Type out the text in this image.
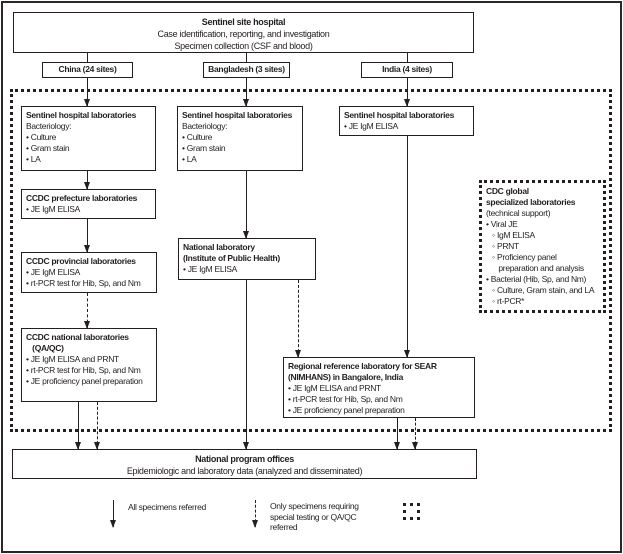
Sentinel site hospital
Case identification, reporting, and investigation
Specimen collection (CSF and blood)
China (24 sites)	Bangladesh (3 sites)	India (4 sites)
Sentinel hospital laboratories
Bacteriology:
• Culture
• Gram stain
• LA
CCDC prefecture laboratories
• JE IgM ELISA
CCDC provincial laboratories
• JE IgM ELISA
• rt-PCR test for Hib, Sp, and Nm
CCDC national laboratories
(QA/QC)
• JE IgM ELISA and PRNT
• rt-PCR test for Hib, Sp, and Nm
• JE proficiency panel preparation
Sentinel hospital laboratories
Bacteriology:
• Culture
• Gram stain
• LA
National laboratory
(Institute of Public Health)
• JE IgM ELISA
Sentinel hospital laboratories
• JE IgM ELISA
Regional reference laboratory for SEAR
(NIMHANS) in Bangalore, India
• JE IgM ELISA and PRNT
• rt-PCR test for Hib, Sp, and Nm
• JE proficiency panel preparation
CDC global
specialized laboratories
(technical support)
• Viral JE
◦ IgM ELISA
◦ PRNT
◦ Proficiency panel
preparation and analysis
• Bacterial (Hib, Sp, and Nm)
◦ Culture, Gram stain, and LA
◦ rt-PCR*
National program offices
Epidemiologic and laboratory data (analyzed and disseminated)
All specimens referred	Only specimens requiring
special testing or QA/QC
referred
